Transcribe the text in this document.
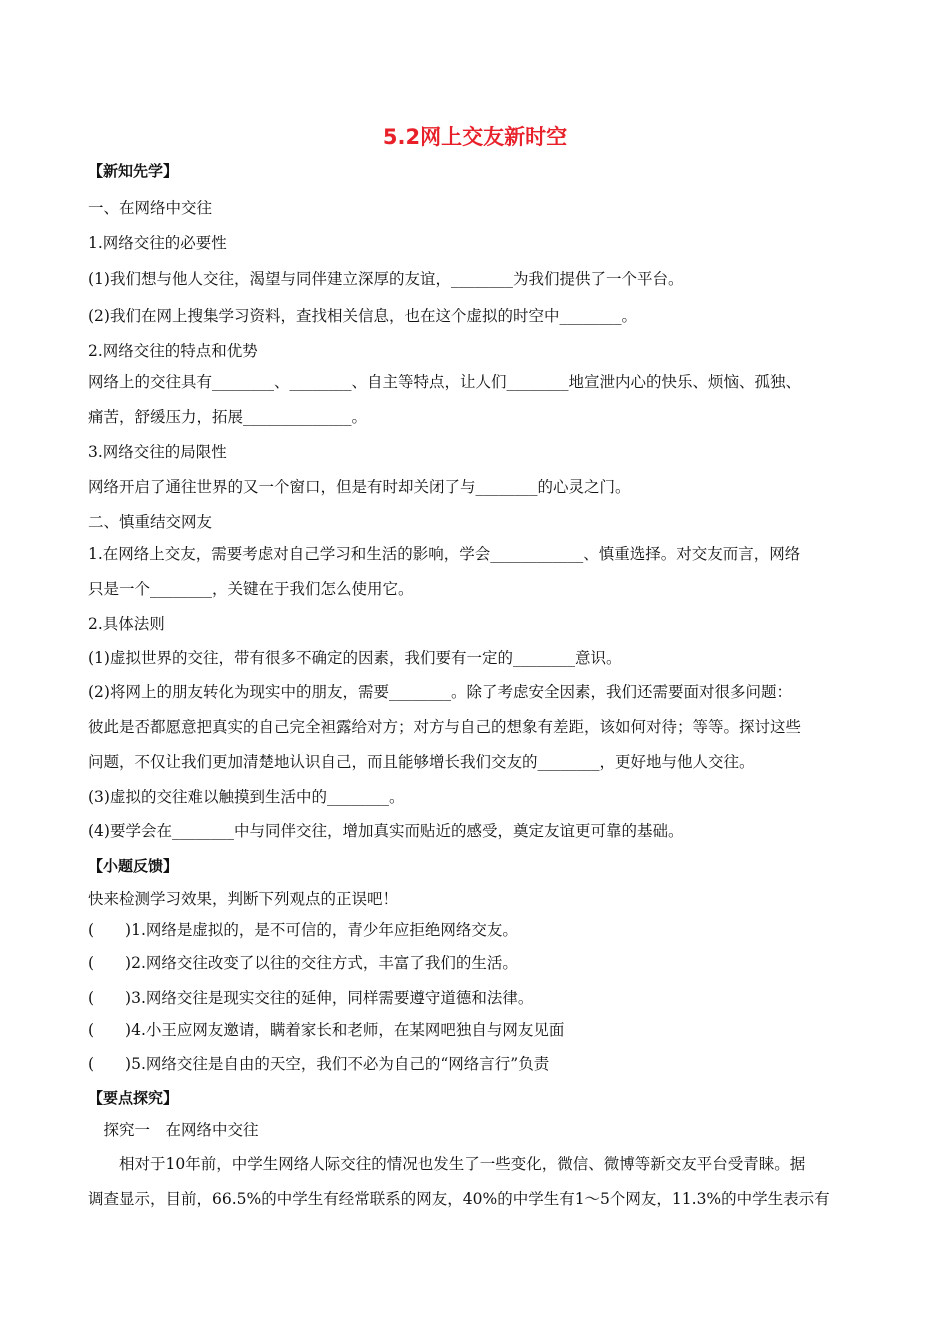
5.2网上交友新时空
【新知先学】
一、在网络中交往
1.网络交往的必要性
(1)我们想与他人交往，渴望与同伴建立深厚的友谊，________为我们提供了一个平台。
(2)我们在网上搜集学习资料，查找相关信息，也在这个虚拟的时空中________。
2.网络交往的特点和优势
网络上的交往具有________、________、自主等特点，让人们________地宣泄内心的快乐、烦恼、孤独、
痛苦，舒缓压力，拓展______________。
3.网络交往的局限性
网络开启了通往世界的又一个窗口，但是有时却关闭了与________的心灵之门。
二、慎重结交网友
1.在网络上交友，需要考虑对自己学习和生活的影响，学会____________、慎重选择。对交友而言，网络
只是一个________，关键在于我们怎么使用它。
2.具体法则
(1)虚拟世界的交往，带有很多不确定的因素，我们要有一定的________意识。
(2)将网上的朋友转化为现实中的朋友，需要________。除了考虑安全因素，我们还需要面对很多问题：
彼此是否都愿意把真实的自己完全袒露给对方；对方与自己的想象有差距，该如何对待；等等。探讨这些
问题，不仅让我们更加清楚地认识自己，而且能够增长我们交友的________，更好地与他人交往。
(3)虚拟的交往难以触摸到生活中的________。
(4)要学会在________中与同伴交往，增加真实而贴近的感受，奠定友谊更可靠的基础。
【小题反馈】
快来检测学习效果，判断下列观点的正误吧！
(　　)1.网络是虚拟的，是不可信的，青少年应拒绝网络交友。
(　　)2.网络交往改变了以往的交往方式，丰富了我们的生活。
(　　)3.网络交往是现实交往的延伸，同样需要遵守道德和法律。
(　　)4.小王应网友邀请，瞒着家长和老师，在某网吧独自与网友见面
(　　)5.网络交往是自由的天空，我们不必为自己的“网络言行”负责
【要点探究】
　探究一　在网络中交往
　　相对于10年前，中学生网络人际交往的情况也发生了一些变化，微信、微博等新交友平台受青睐。据
调查显示，目前，66.5%的中学生有经常联系的网友，40%的中学生有1～5个网友，11.3%的中学生表示有
